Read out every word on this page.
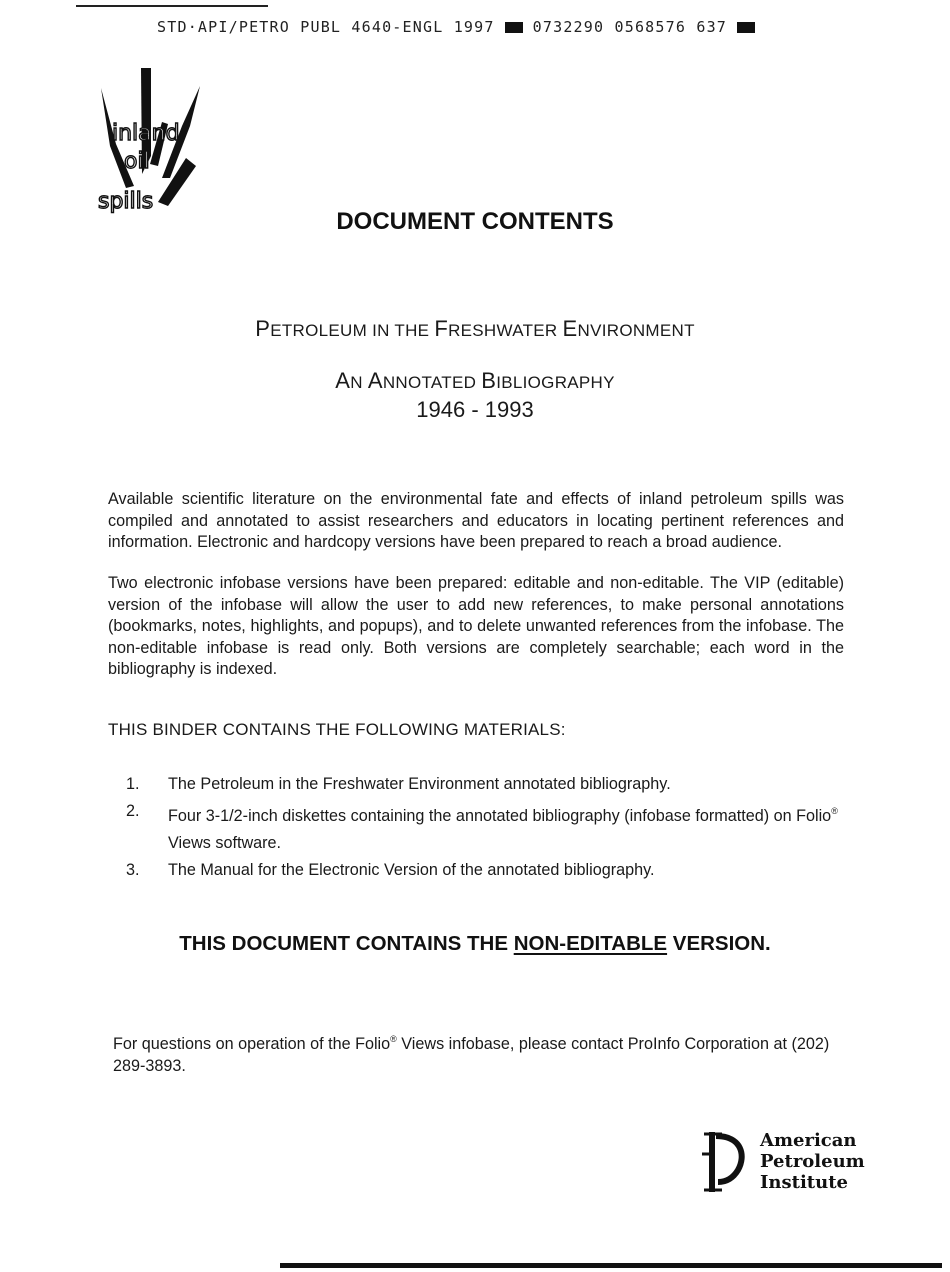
STD·API/PETRO PUBL 4640-ENGL 1997	0732290 0568576 637
inland
oil
spills
DOCUMENT CONTENTS
PETROLEUM IN THE FRESHWATER ENVIRONMENT
AN ANNOTATED BIBLIOGRAPHY
1946 - 1993

Available scientific literature on the environmental fate and effects of inland petroleum spills was compiled and annotated to assist researchers and educators in locating pertinent references and information. Electronic and hardcopy versions have been prepared to reach a broad audience.

Two electronic infobase versions have been prepared: editable and non-editable. The VIP (editable) version of the infobase will allow the user to add new references, to make personal annotations (bookmarks, notes, highlights, and popups), and to delete unwanted references from the infobase. The non-editable infobase is read only. Both versions are completely searchable; each word in the bibliography is indexed.

THIS BINDER CONTAINS THE FOLLOWING MATERIALS:
1. The Petroleum in the Freshwater Environment annotated bibliography.
2. Four 3-1/2-inch diskettes containing the annotated bibliography (infobase formatted) on Folio® Views software.
3. The Manual for the Electronic Version of the annotated bibliography.
THIS DOCUMENT CONTAINS THE NON-EDITABLE VERSION.

For questions on operation of the Folio® Views infobase, please contact ProInfo Corporation at (202) 289-3893.

American
Petroleum
Institute
